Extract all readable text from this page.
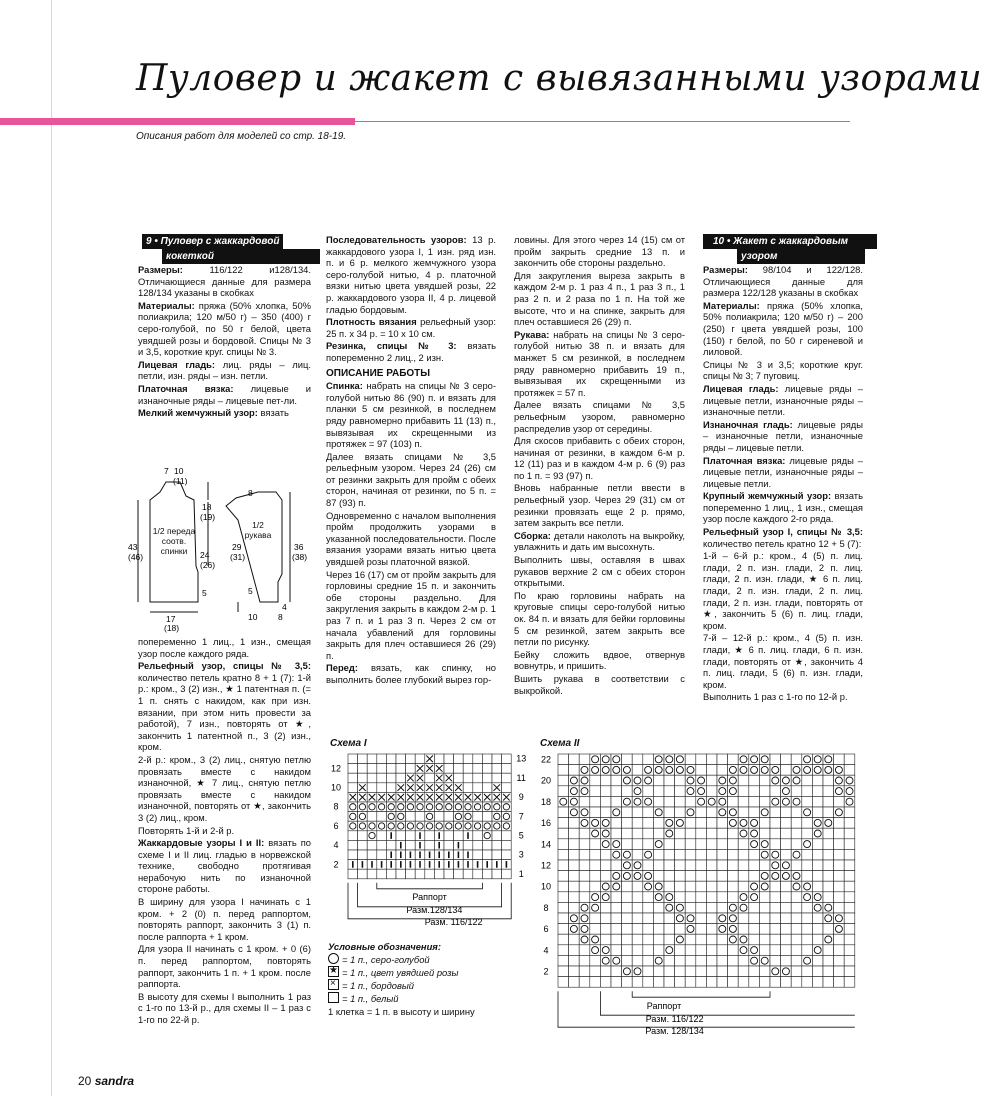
Пуловер и жакет с вывязанными узорами
Описания работ для моделей со стр. 18-19.
9 • Пуловер с жаккардовой
кокеткой

Размеры: 116/122 и128/134. Отличающиеся данные для размера 128/134 указаны в скобках

Материалы: пряжа (50% хлопка, 50% полиакрила; 120 м/50 г) – 350 (400) г серо-голубой, по 50 г белой, цвета увядшей розы и бордовой. Спицы № 3 и 3,5, короткие круг. спицы № 3.

Лицевая гладь: лиц. ряды – лиц. петли, изн. ряды – изн. петли.

Платочная вязка: лицевые и изнаночные ряды – лицевые пет-ли.

Мелкий жемчужный узор: вязать

7 10
(11)
18
(19)
43
(46)	24
(26)
5
17
(18)
8
29
(31)
36
(38)
5
4
8
10
1/2 переда соотв. спинки
1/2 рукава

попеременно 1 лиц., 1 изн., смещая узор после каждого ряда.

Рельефный узор, спицы № 3,5: количество петель кратно 8 + 1 (7): 1-й р.: кром., 3 (2) изн., ★ 1 патентная п. (= 1 п. снять с накидом, как при изн. вязании, при этом нить провести за работой), 7 изн., повторять от ★, закончить 1 патентной п., 3 (2) изн., кром.

2-й р.: кром., 3 (2) лиц., снятую петлю провязать вместе с накидом изнаночной, ★ 7 лиц., снятую петлю провязать вместе с накидом изнаночной, повторять от ★, закончить 3 (2) лиц., кром.

Повторять 1-й и 2-й р.

Жаккардовые узоры I и II: вязать по схеме I и II лиц. гладью в норвежской технике, свободно протягивая нерабочую нить по изнаночной стороне работы.

В ширину для узора I начинать с 1 кром. + 2 (0) п. перед раппортом, повторять раппорт, закончить 3 (1) п. после раппорта + 1 кром.

Для узора II начинать с 1 кром. + 0 (6) п. перед раппортом, повторять раппорт, закончить 1 п. + 1 кром. после раппорта.

В высоту для схемы I выполнить 1 раз с 1-го по 13-й р., для схемы II – 1 раз с 1-го по 22-й р.

Последовательность узоров: 13 р. жаккардового узора I, 1 изн. ряд изн. п. и 6 р. мелкого жемчужного узора серо-голубой нитью, 4 р. платочной вязки нитью цвета увядшей розы, 22 р. жаккардового узора II, 4 р. лицевой гладью бордовым.

Плотность вязания рельефный узор: 25 п. х 34 р. = 10 х 10 см.

Резинка, спицы № 3: вязать попеременно 2 лиц., 2 изн.

ОПИСАНИЕ РАБОТЫ

Спинка: набрать на спицы № 3 серо-голубой нитью 86 (90) п. и вязать для планки 5 см резинкой, в последнем ряду равномерно прибавить 11 (13) п., вывязывая их скрещенными из протяжек = 97 (103) п.

Далее вязать спицами № 3,5 рельефным узором. Через 24 (26) см от резинки закрыть для пройм с обеих сторон, начиная от резинки, по 5 п. = 87 (93) п.

Одновременно с началом выполнения пройм продолжить узорами в указанной последовательности. После вязания узорами вязать нитью цвета увядшей розы платочной вязкой.

Через 16 (17) см от пройм закрыть для горловины средние 15 п. и закончить обе стороны раздельно. Для закругления закрыть в каждом 2-м р. 1 раз 7 п. и 1 раз 3 п. Через 2 см от начала убавлений для горловины закрыть для плеч оставшиеся 26 (29) п.

Перед: вязать, как спинку, но выполнить более глубокий вырез гор-

ловины. Для этого через 14 (15) см от пройм закрыть средние 13 п. и закончить обе стороны раздельно.

Для закругления выреза закрыть в каждом 2-м р. 1 раз 4 п., 1 раз 3 п., 1 раз 2 п. и 2 раза по 1 п. На той же высоте, что и на спинке, закрыть для плеч оставшиеся 26 (29) п.

Рукава: набрать на спицы № 3 серо-голубой нитью 38 п. и вязать для манжет 5 см резинкой, в последнем ряду равномерно прибавить 19 п., вывязывая их скрещенными из протяжек = 57 п.

Далее вязать спицами № 3,5 рельефным узором, равномерно распределив узор от середины.

Для скосов прибавить с обеих сторон, начиная от резинки, в каждом 6-м р. 12 (11) раз и в каждом 4-м р. 6 (9) раз по 1 п. = 93 (97) п.

Вновь набранные петли ввести в рельефный узор. Через 29 (31) см от резинки провязать еще 2 р. прямо, затем закрыть все петли.

Сборка: детали наколоть на выкройку, увлажнить и дать им высохнуть.

Выполнить швы, оставляя в швах рукавов верхние 2 см с обеих сторон открытыми.

По краю горловины набрать на круговые спицы серо-голубой нитью ок. 84 п. и вязать для бейки горловины 5 см резинкой, затем закрыть все петли по рисунку.

Бейку сложить вдвое, отвернув вовнутрь, и пришить.

Вшить рукава в соответствии с выкройкой.

10 • Жакет с жаккардовым
узором

Размеры: 98/104 и 122/128. Отличающиеся данные для размера 122/128 указаны в скобках

Материалы: пряжа (50% хлопка, 50% полиакрила; 120 м/50 г) – 200 (250) г цвета увядшей розы, 100 (150) г белой, по 50 г сиреневой и лиловой.

Спицы № 3 и 3,5; короткие круг. спицы № 3; 7 пуговиц.

Лицевая гладь: лицевые ряды – лицевые петли, изнаночные ряды – изнаночные петли.

Изнаночная гладь: лицевые ряды – изнаночные петли, изнаночные ряды – лицевые петли.

Платочная вязка: лицевые ряды – лицевые петли, изнаночные ряды – лицевые петли.

Крупный жемчужный узор: вязать попеременно 1 лиц., 1 изн., смещая узор после каждого 2-го ряда.

Рельефный узор I, спицы № 3,5: количество петель кратно 12 + 5 (7):

1-й – 6-й р.: кром., 4 (5) п. лиц. глади, 2 п. изн. глади, 2 п. лиц. глади, 2 п. изн. глади, ★ 6 п. лиц. глади, 2 п. изн. глади, 2 п. лиц. глади, 2 п. изн. глади, повторять от ★, закончить 5 (6) п. лиц. глади, кром.

7-й – 12-й р.: кром., 4 (5) п. изн. глади, ★ 6 п. лиц. глади, 6 п. изн. глади, повторять от ★, закончить 4 п. лиц. глади, 5 (6) п. изн. глади, кром.

Выполнить 1 раз с 1-го по 12-й р.

Схема I
12
10
8
6
4
2
13
11
9
7
5
3
1
Раппорт
Разм.128/134
Разм. 116/122
Схема II
22
20
18
16
14
12
10
8
6
4
2
Раппорт
Разм. 116/122
Разм. 128/134
Условные обозначения:
= 1 п., серо-голубой
★ = 1 п., цвет увядшей розы
× = 1 п., бордовый
= 1 п., белый
1 клетка = 1 п. в высоту и ширину
20 sandra
